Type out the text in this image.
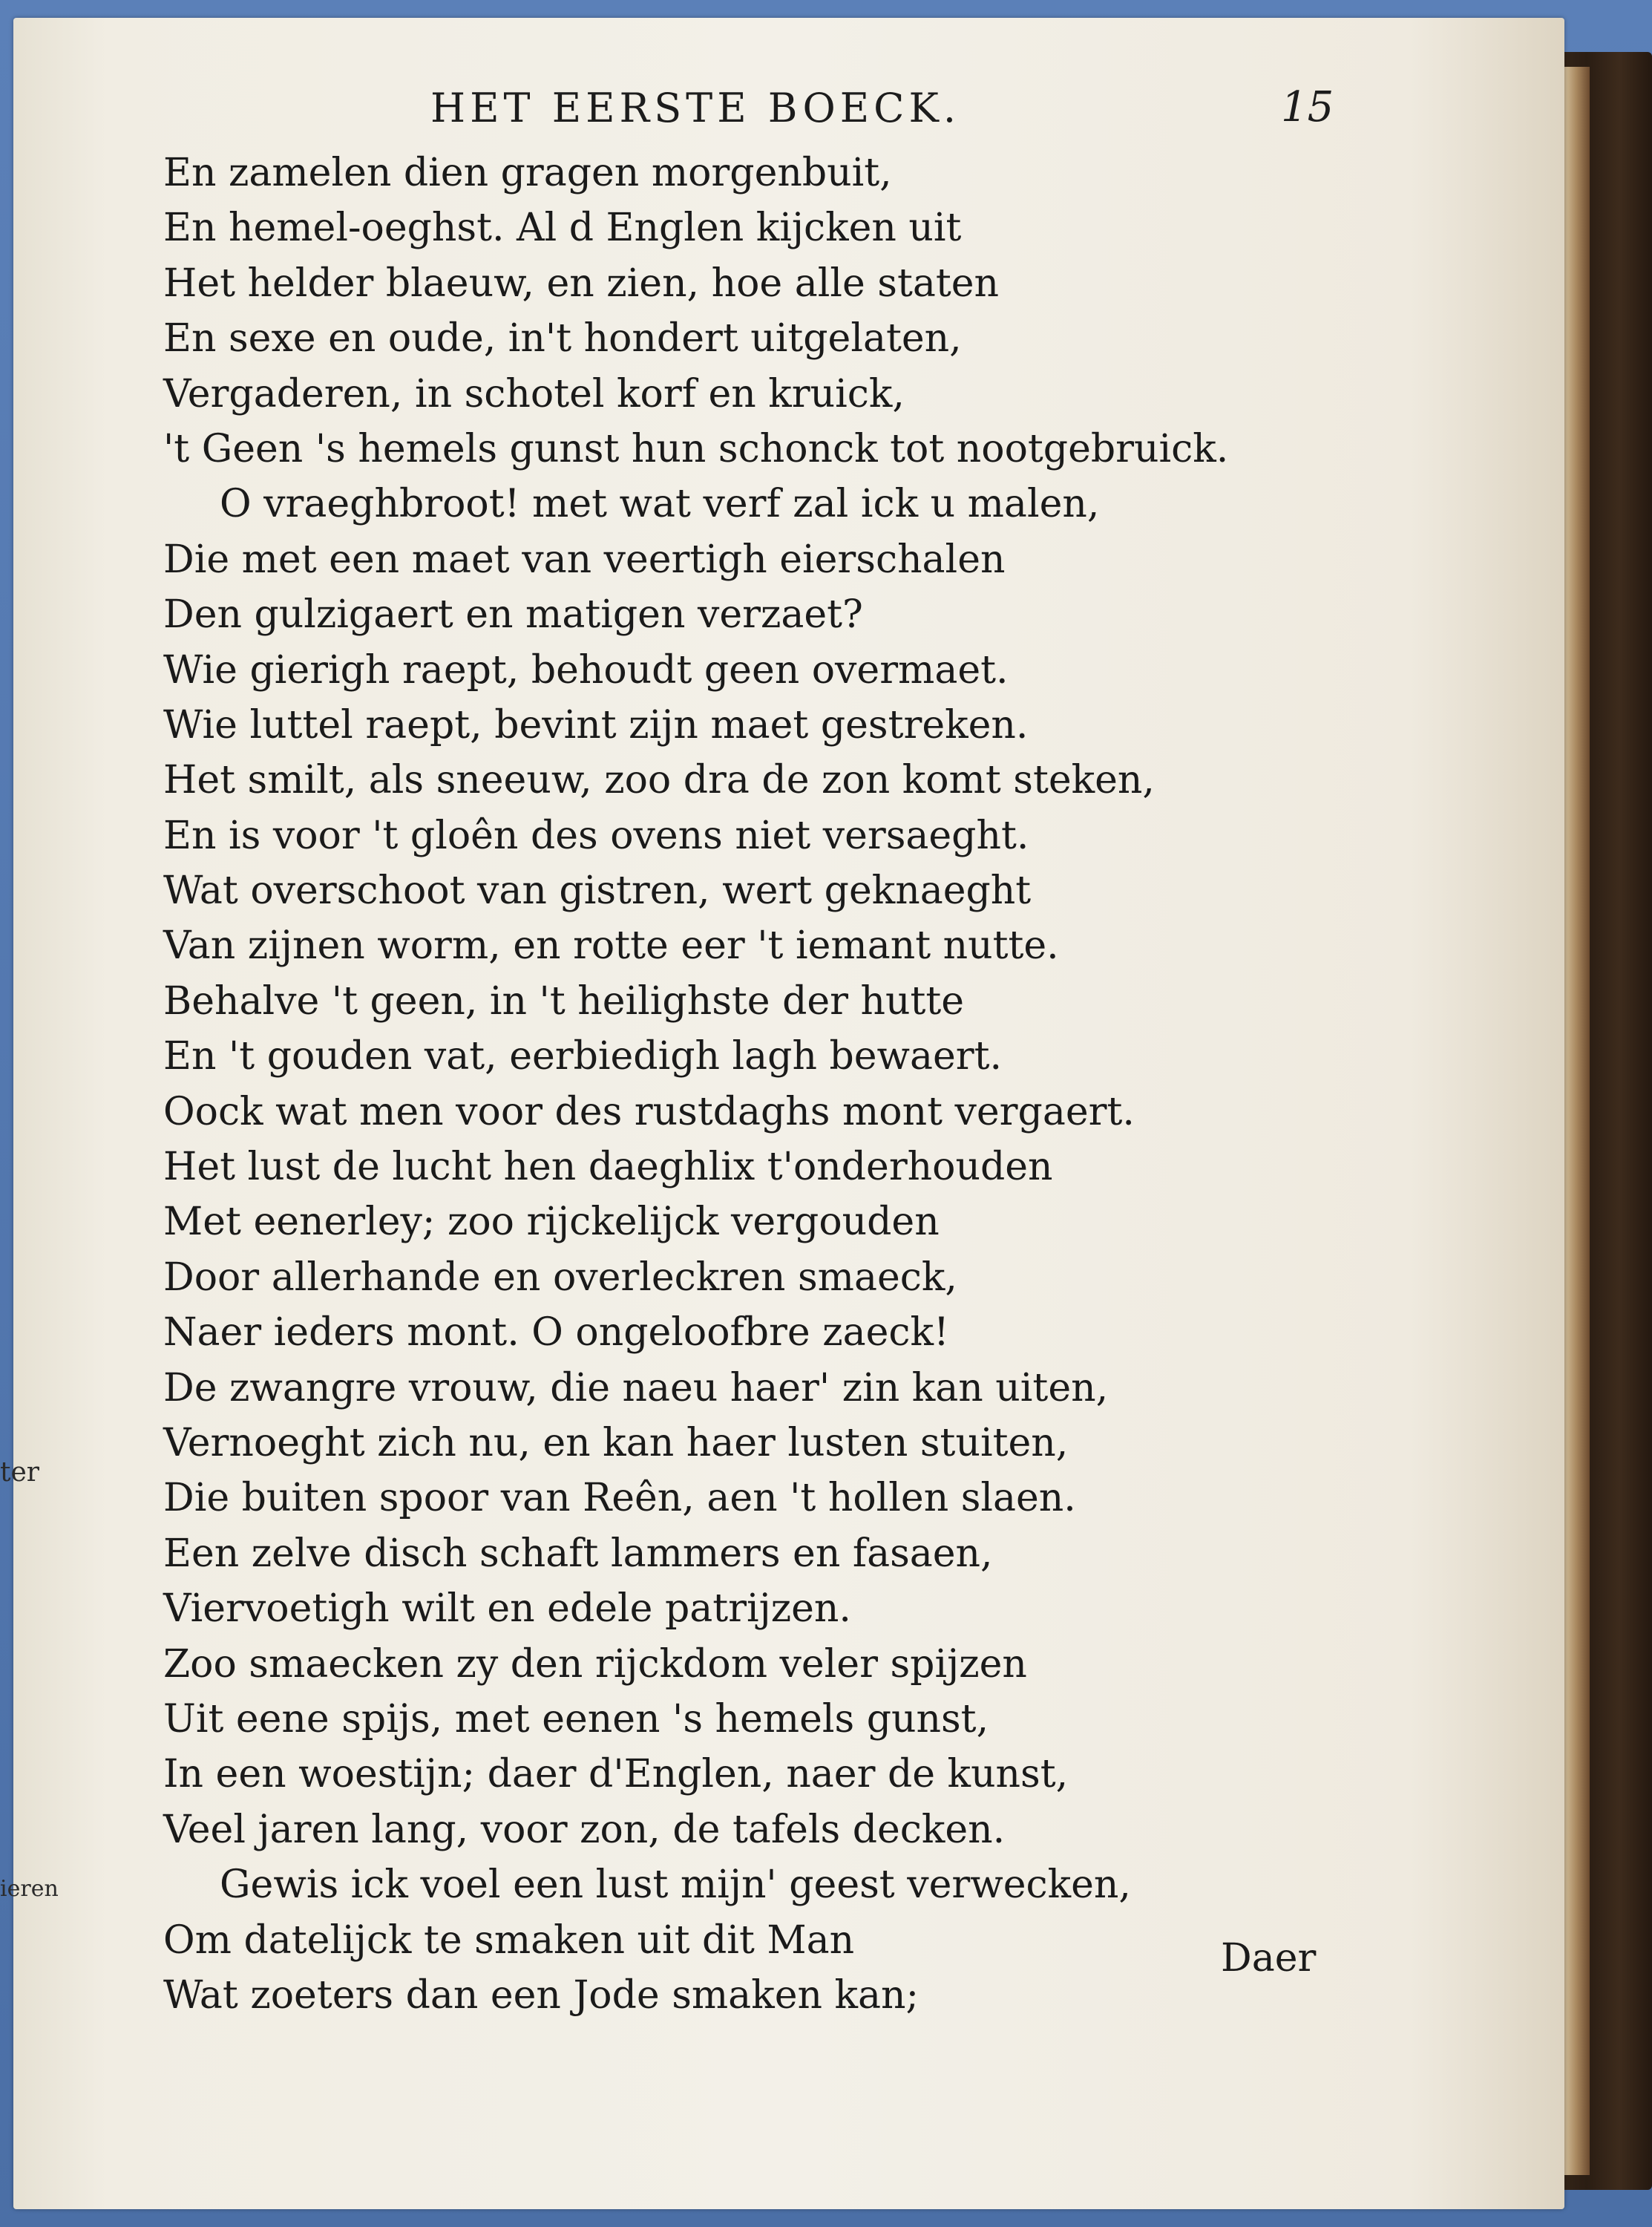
ter
ieren
HET EERSTE BOECK.	15
En zamelen dien gragen morgenbuit,
En hemel-oeghst. Al d Englen kijcken uit
Het helder blaeuw, en zien, hoe alle staten
En sexe en oude, in't hondert uitgelaten,
Vergaderen, in schotel korf en kruick,
't Geen 's hemels gunst hun schonck tot nootgebruick.
O vraeghbroot! met wat verf zal ick u malen,
Die met een maet van veertigh eierschalen
Den gulzigaert en matigen verzaet?
Wie gierigh raept, behoudt geen overmaet.
Wie luttel raept, bevint zijn maet gestreken.
Het smilt, als sneeuw, zoo dra de zon komt steken,
En is voor 't gloên des ovens niet versaeght.
Wat overschoot van gistren, wert geknaeght
Van zijnen worm, en rotte eer 't iemant nutte.
Behalve 't geen, in 't heilighste der hutte
En 't gouden vat, eerbiedigh lagh bewaert.
Oock wat men voor des rustdaghs mont vergaert.
Het lust de lucht hen daeghlix t'onderhouden
Met eenerley; zoo rijckelijck vergouden
Door allerhande en overleckren smaeck,
Naer ieders mont. O ongeloofbre zaeck!
De zwangre vrouw, die naeu haer' zin kan uiten,
Vernoeght zich nu, en kan haer lusten stuiten,
Die buiten spoor van Reên, aen 't hollen slaen.
Een zelve disch schaft lammers en fasaen,
Viervoetigh wilt en edele patrijzen.
Zoo smaecken zy den rijckdom veler spijzen
Uit eene spijs, met eenen 's hemels gunst,
In een woestijn; daer d'Englen, naer de kunst,
Veel jaren lang, voor zon, de tafels decken.
Gewis ick voel een lust mijn' geest verwecken,
Om datelijck te smaken uit dit Man
Wat zoeters dan een Jode smaken kan;
Daer
